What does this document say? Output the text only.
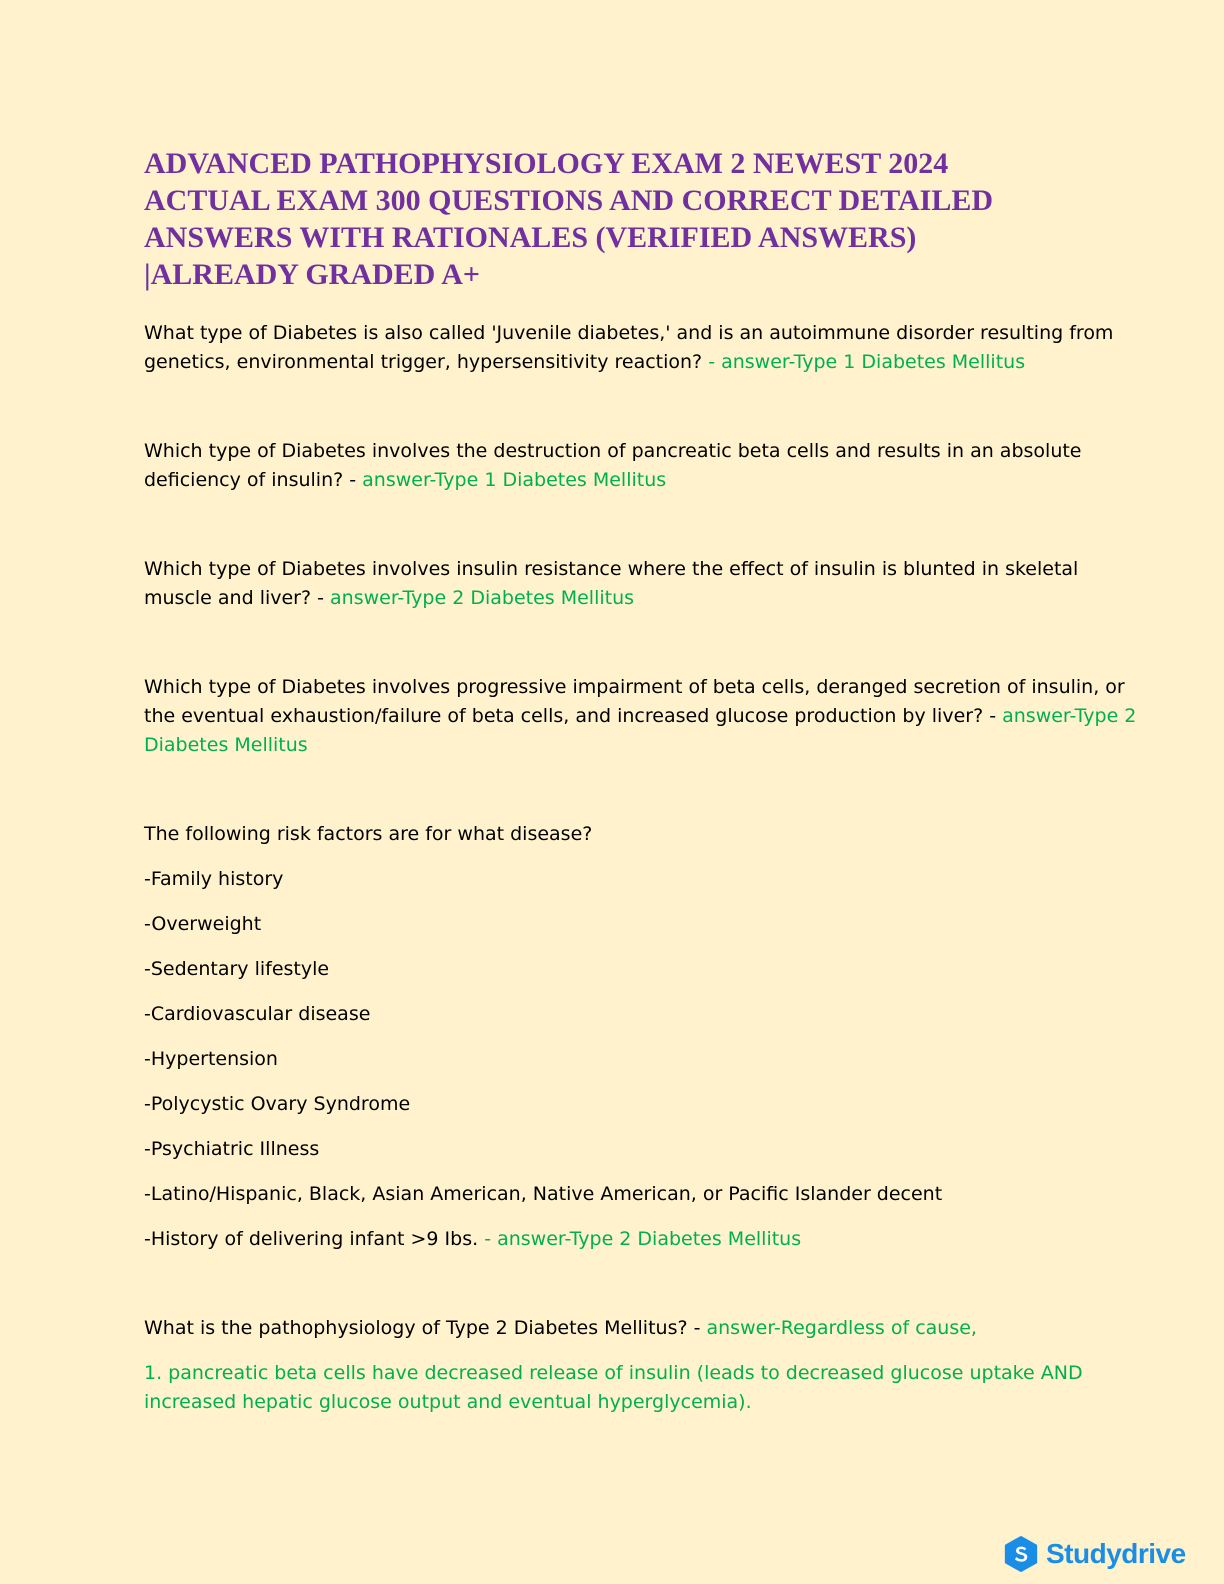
ADVANCED PATHOPHYSIOLOGY EXAM 2 NEWEST 2024
ACTUAL EXAM 300 QUESTIONS AND CORRECT DETAILED
ANSWERS WITH RATIONALES (VERIFIED ANSWERS)
|ALREADY GRADED A+
What type of Diabetes is also called 'Juvenile diabetes,' and is an autoimmune disorder resulting from
genetics, environmental trigger, hypersensitivity reaction? - answer-Type 1 Diabetes Mellitus
Which type of Diabetes involves the destruction of pancreatic beta cells and results in an absolute
deficiency of insulin? - answer-Type 1 Diabetes Mellitus
Which type of Diabetes involves insulin resistance where the effect of insulin is blunted in skeletal
muscle and liver? - answer-Type 2 Diabetes Mellitus
Which type of Diabetes involves progressive impairment of beta cells, deranged secretion of insulin, or
the eventual exhaustion/failure of beta cells, and increased glucose production by liver? - answer-Type 2
Diabetes Mellitus
The following risk factors are for what disease?
-Family history
-Overweight
-Sedentary lifestyle
-Cardiovascular disease
-Hypertension
-Polycystic Ovary Syndrome
-Psychiatric Illness
-Latino/Hispanic, Black, Asian American, Native American, or Pacific Islander decent
-History of delivering infant >9 Ibs. - answer-Type 2 Diabetes Mellitus
What is the pathophysiology of Type 2 Diabetes Mellitus? - answer-Regardless of cause,
1. pancreatic beta cells have decreased release of insulin (leads to decreased glucose uptake AND
increased hepatic glucose output and eventual hyperglycemia).
Studydrive
